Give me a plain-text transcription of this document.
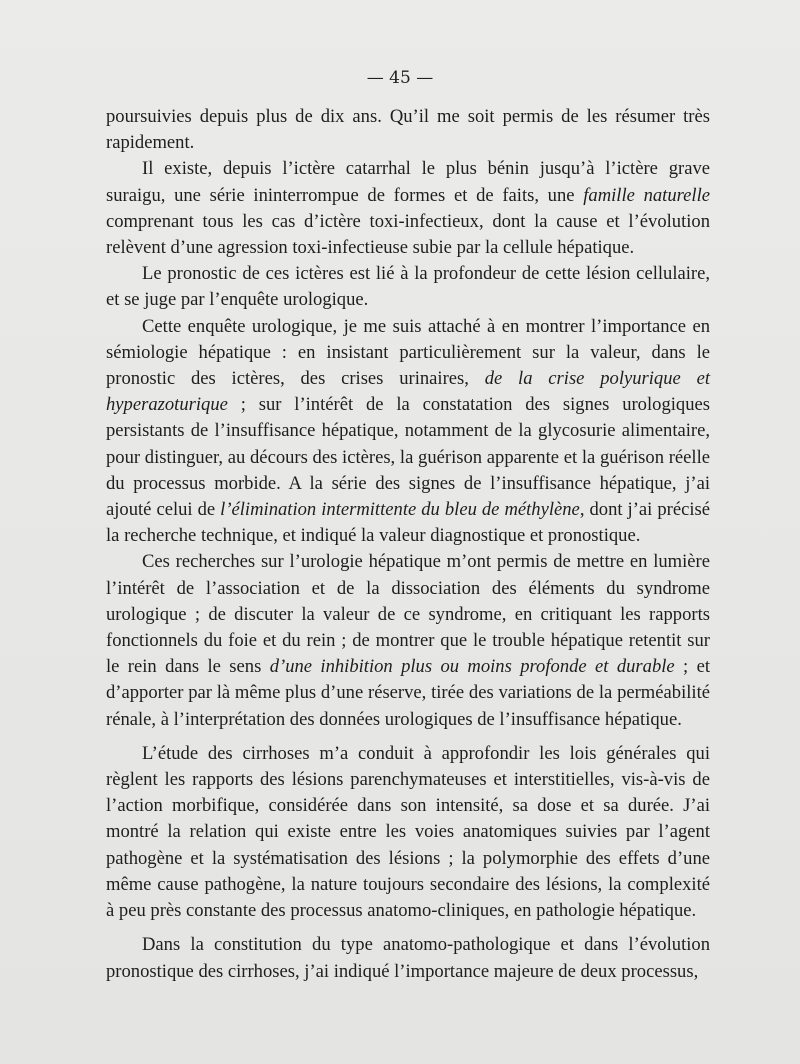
— 45 —

poursuivies depuis plus de dix ans. Qu’il me soit permis de les résumer très rapidement.

Il existe, depuis l’ictère catarrhal le plus bénin jusqu’à l’ictère grave suraigu, une série ininterrompue de formes et de faits, une famille naturelle comprenant tous les cas d’ictère toxi-infectieux, dont la cause et l’évolution relèvent d’une agression toxi-infectieuse subie par la cellule hépatique.

Le pronostic de ces ictères est lié à la profondeur de cette lésion cellulaire, et se juge par l’enquête urologique.

Cette enquête urologique, je me suis attaché à en montrer l’importance en sémiologie hépatique : en insistant particulièrement sur la valeur, dans le pronostic des ictères, des crises urinaires, de la crise polyurique et hyperazoturique ; sur l’intérêt de la constatation des signes urologiques persistants de l’insuffisance hépatique, notamment de la glycosurie alimentaire, pour distinguer, au décours des ictères, la guérison apparente et la guérison réelle du processus morbide. A la série des signes de l’insuffisance hépatique, j’ai ajouté celui de l’élimination intermittente du bleu de méthylène, dont j’ai précisé la recherche technique, et indiqué la valeur diagnostique et pronostique.

Ces recherches sur l’urologie hépatique m’ont permis de mettre en lumière l’intérêt de l’association et de la dissociation des éléments du syndrome urologique ; de discuter la valeur de ce syndrome, en critiquant les rapports fonctionnels du foie et du rein ; de montrer que le trouble hépatique retentit sur le rein dans le sens d’une inhibition plus ou moins profonde et durable ; et d’apporter par là même plus d’une réserve, tirée des variations de la perméabilité rénale, à l’interprétation des données urologiques de l’insuffisance hépatique.

L’étude des cirrhoses m’a conduit à approfondir les lois générales qui règlent les rapports des lésions parenchymateuses et interstitielles, vis-à-vis de l’action morbifique, considérée dans son intensité, sa dose et sa durée. J’ai montré la relation qui existe entre les voies anatomiques suivies par l’agent pathogène et la systématisation des lésions ; la polymorphie des effets d’une même cause pathogène, la nature toujours secondaire des lésions, la complexité à peu près constante des processus anatomo-cliniques, en pathologie hépatique.

Dans la constitution du type anatomo-pathologique et dans l’évolution pronostique des cirrhoses, j’ai indiqué l’importance majeure de deux processus,
